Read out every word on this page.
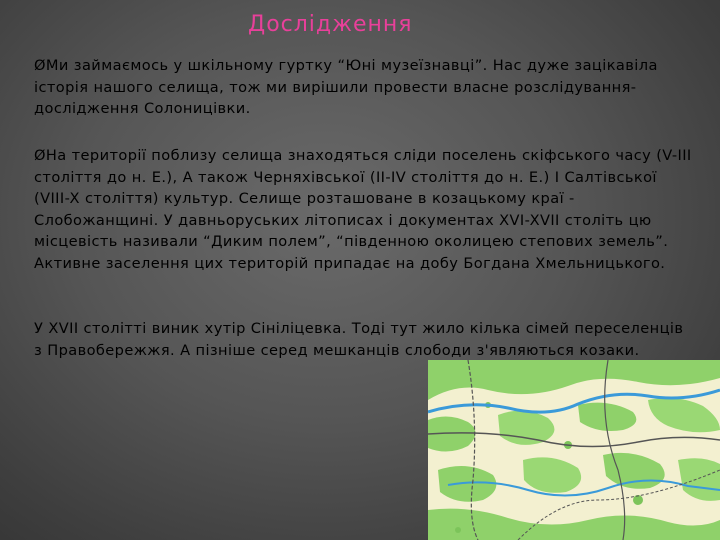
Дослідження

ØМи займаємось у шкільному гуртку “Юні музеїзнавці”. Нас дуже зацікавіла історія нашого селища, тож ми вирішили провести власне розслідування-дослідження Солоницівки.

ØНа території поблизу селища знаходяться сліди поселень скіфського часу (V-III століття до н. Е.), А також Черняхівської (II-IV століття до н. Е.) І Салтівської (VIII-X століття) культур. Селище розташоване в козацькому краї - Слобожанщині. У давньоруських літописах і документах XVI-XVII століть цю місцевість називали “Диким полем”, “південною околицею степових земель”. Активне заселення цих територій припадає на добу Богдана Хмельницького.

У XVII столітті виник хутір Сініліцевка. Тоді тут жило кілька сімей переселенців з Правобережжя. А пізніше серед мешканців слободи з'являються козаки.
